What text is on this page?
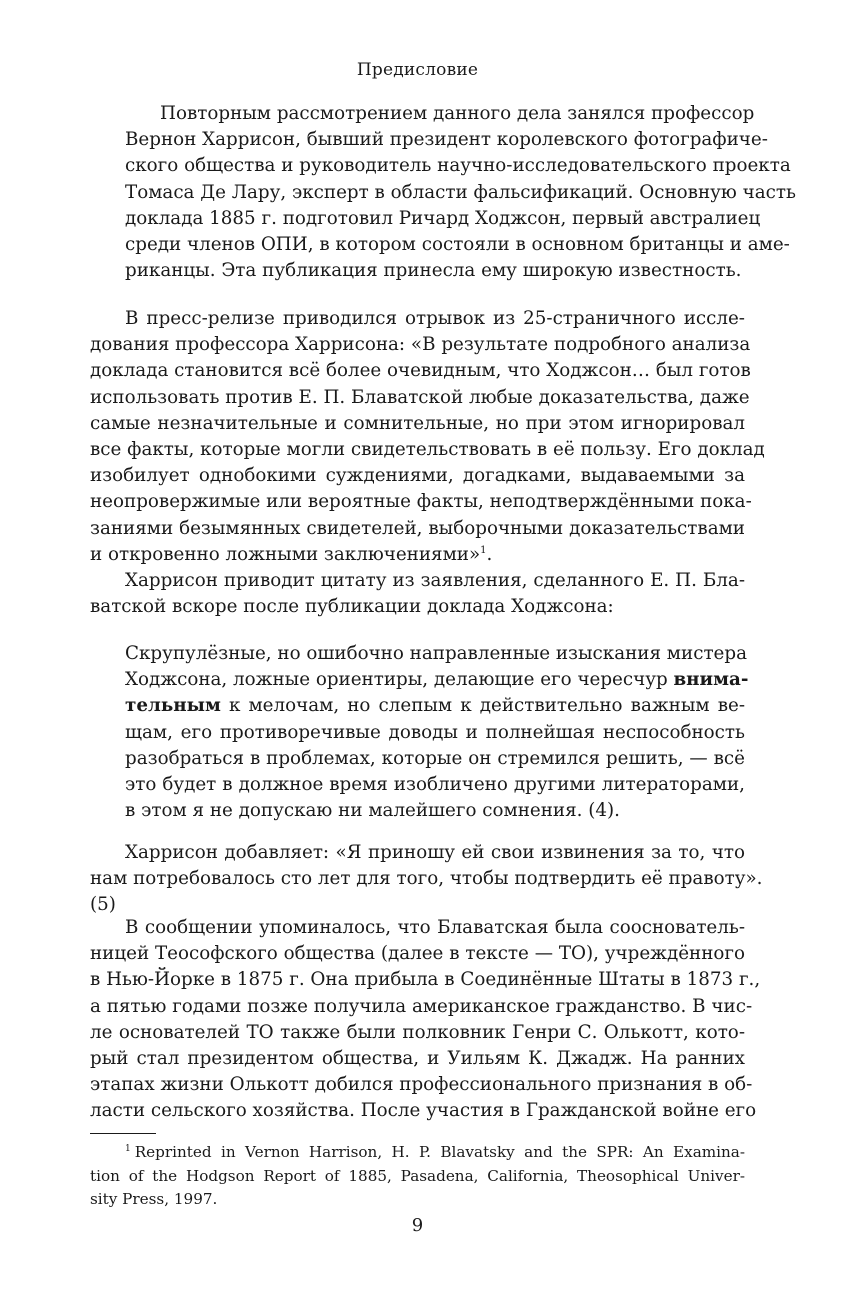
Предисловие
Повторным рассмотрением данного дела занялся профессор
Вернон Харрисон, бывший президент королевского фотографиче-
ского общества и руководитель научно-исследовательского проекта
Томаса Де Лару, эксперт в области фальсификаций. Основную часть
доклада 1885 г. подготовил Ричард Ходжсон, первый австралиец
среди членов ОПИ, в котором состояли в основном британцы и аме-
риканцы. Эта публикация принесла ему широкую известность.
В пресс-релизе приводился отрывок из 25-страничного иссле-
дования профессора Харрисона: «В результате подробного анализа
доклада становится всё более очевидным, что Ходжсон… был готов
использовать против Е. П. Блаватской любые доказательства, даже
самые незначительные и сомнительные, но при этом игнорировал
все факты, которые могли свидетельствовать в её пользу. Его доклад
изобилует однобокими суждениями, догадками, выдаваемыми за
неопровержимые или вероятные факты, неподтверждёнными пока-
заниями безымянных свидетелей, выборочными доказательствами
и откровенно ложными заключениями»$^1$.
Харрисон приводит цитату из заявления, сделанного Е. П. Бла-
ватской вскоре после публикации доклада Ходжсона:
Скрупулёзные, но ошибочно направленные изыскания мистера
Ходжсона, ложные ориентиры, делающие его чересчур внима-
тельным к мелочам, но слепым к действительно важным ве-
щам, его противоречивые доводы и полнейшая неспособность
разобраться в проблемах, которые он стремился решить, — всё
это будет в должное время изобличено другими литераторами,
в этом я не допускаю ни малейшего сомнения. (4).
Харрисон добавляет: «Я приношу ей свои извинения за то, что
нам потребовалось сто лет для того, чтобы подтвердить её правоту».
(5)
В сообщении упоминалось, что Блаватская была сооснователь-
ницей Теософского общества (далее в тексте — ТО), учреждённого
в Нью-Йорке в 1875 г. Она прибыла в Соединённые Штаты в 1873 г.,
а пятью годами позже получила американское гражданство. В чис-
ле основателей ТО также были полковник Генри С. Олькотт, кото-
рый стал президентом общества, и Уильям К. Джадж. На ранних
этапах жизни Олькотт добился профессионального признания в об-
ласти сельского хозяйства. После участия в Гражданской войне его
$^1$ Reprinted in Vernon Harrison, H. P. Blavatsky and the SPR: An Examina-
tion of the Hodgson Report of 1885, Pasadena, California, Theosophical Univer-
sity Press, 1997.
9
